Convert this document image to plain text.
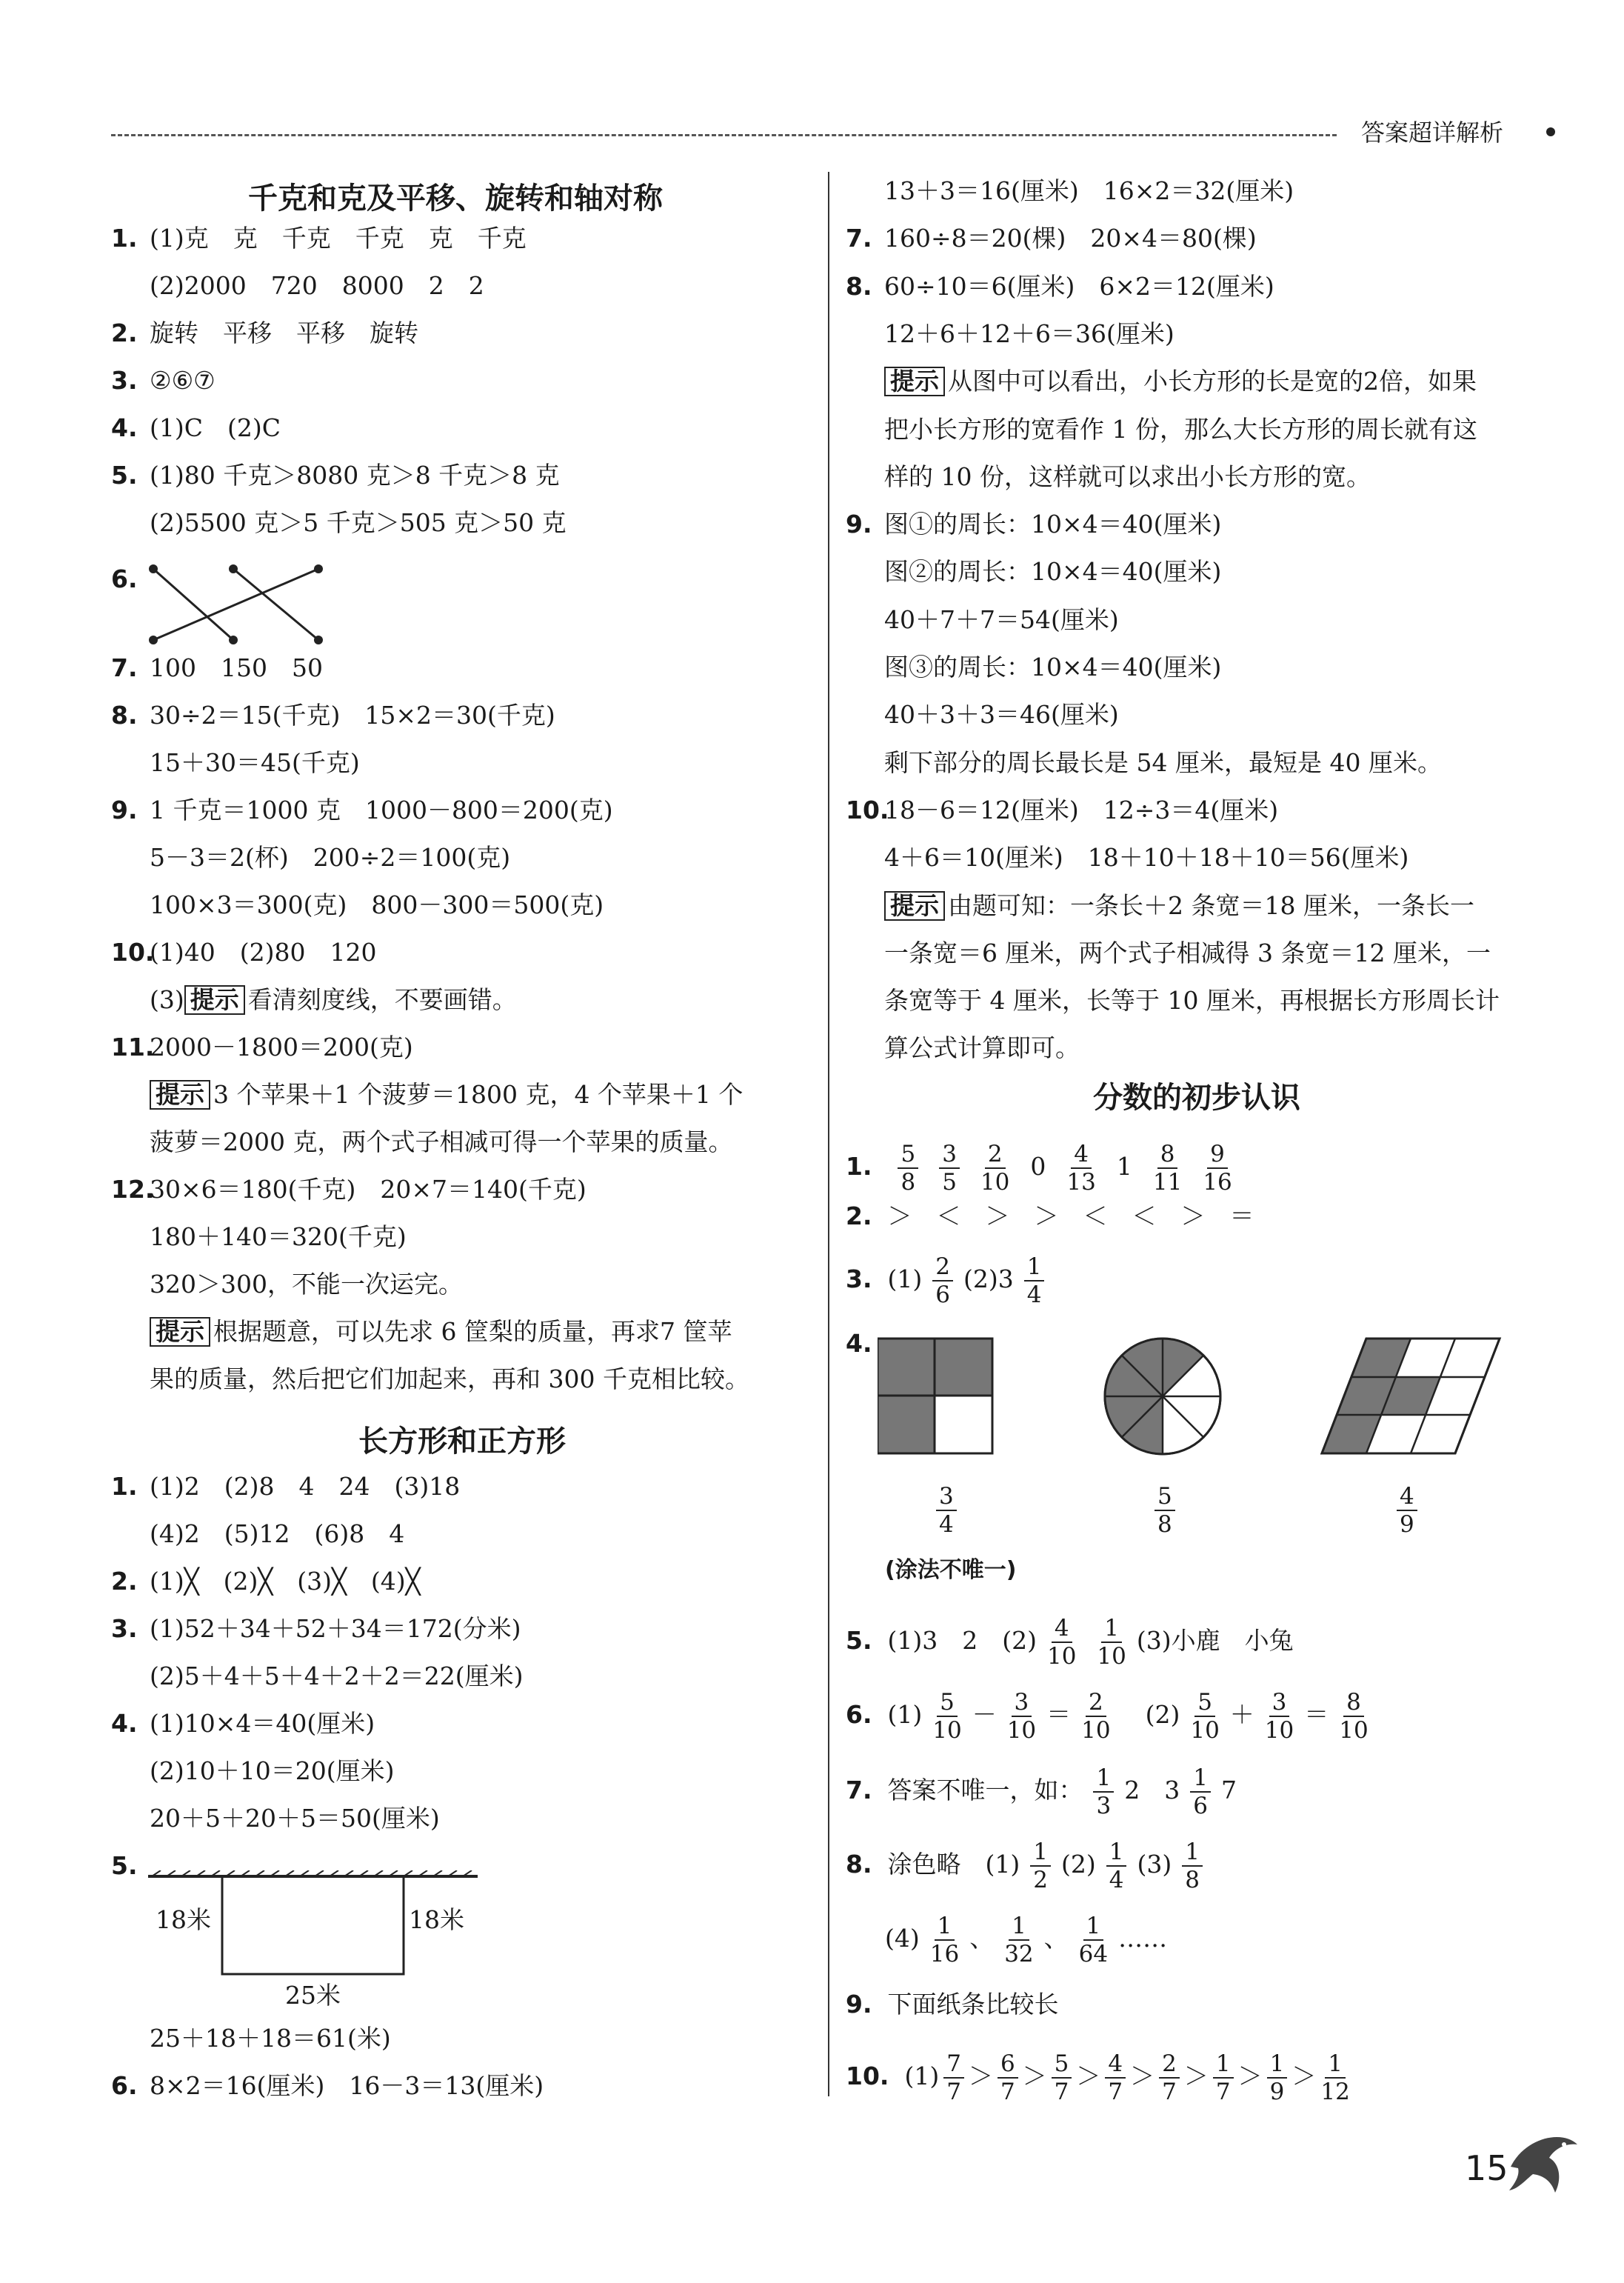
答案超详解析
千克和克及平移、旋转和轴对称
长方形和正方形
18米	18米
25米
分数的初步认识
1. $\frac{5}{8} \frac{3}{5} \frac{2}{10} 0 \frac{4}{13} 1 \frac{8}{11} \frac{9}{16}$
2. ＞　＜　＞　＞　＜　＜　＞　＝
3. $(1) \frac{2}{6} (2)3 \frac{1}{4}$
4.
$\frac{3}{4}$	$\frac{5}{8}$	$\frac{4}{9}$
(涂法不唯一)
5. (1)3　2　$(2) \frac{4}{10} \frac{1}{10} (3)$小鹿　小兔
6. $(1) \frac{5}{10} - \frac{3}{10} = \frac{2}{10}$ 　$(2) \frac{5}{10} + \frac{3}{10} = \frac{8}{10}$
7. 答案不唯一，如： $\frac{1}{3} 2$　$3 \frac{1}{6} 7$
8. 涂色略　$(1) \frac{1}{2} (2) \frac{1}{4} (3) \frac{1}{8}$
$(4) \frac{1}{16}$ 、 $\frac{1}{32}$ 、 $\frac{1}{64}$ ……
9. 下面纸条比较长
10. $(1) \frac{7}{7} > \frac{6}{7} > \frac{5}{7} > \frac{4}{7} > \frac{2}{7} > \frac{1}{7} > \frac{1}{9} > \frac{1}{12}$
15
1. (1)克　克　千克　千克　克　千克
(2)2000　720　8000　2　2
2. 旋转　平移　平移　旋转
3. ②⑥⑦
4. (1)C　(2)C
5. (1)80 千克＞8080 克＞8 千克＞8 克
(2)5500 克＞5 千克＞505 克＞50 克
6.
7. 100　150　50
8. 30÷2＝15(千克)　15×2＝30(千克)
15＋30＝45(千克)
9. 1 千克＝1000 克　1000－800＝200(克)
5－3＝2(杯)　200÷2＝100(克)
100×3＝300(克)　800－300＝500(克)
10.(1)40　(2)80　120
(3) 提示 看清刻度线，不要画错。
11.2000－1800＝200(克)
提示 3 个苹果＋1 个菠萝＝1800 克，4 个苹果＋1 个
菠萝＝2000 克，两个式子相减可得一个苹果的质量。
12.30×6＝180(千克)　20×7＝140(千克)
180＋140＝320(千克)
320＞300，不能一次运完。
提示 根据题意，可以先求 6 筐梨的质量，再求7 筐苹
果的质量，然后把它们加起来，再和 300 千克相比较。
1. (1)2　(2)8　4　24　(3)18
(4)2　(5)12　(6)8　4
2. (1)╳　(2)╳　(3)╳　(4)╳
3. (1)52＋34＋52＋34＝172(分米)
(2)5＋4＋5＋4＋2＋2＝22(厘米)
4. (1)10×4＝40(厘米)
(2)10＋10＝20(厘米)
20＋5＋20＋5＝50(厘米)
5.
25＋18＋18＝61(米)
6. 8×2＝16(厘米)　16－3＝13(厘米)
13＋3＝16(厘米)　16×2＝32(厘米)
7. 160÷8＝20(棵)　20×4＝80(棵)
8. 60÷10＝6(厘米)　6×2＝12(厘米)
12＋6＋12＋6＝36(厘米)
提示 从图中可以看出，小长方形的长是宽的2倍，如果
把小长方形的宽看作 1 份，那么大长方形的周长就有这
样的 10 份，这样就可以求出小长方形的宽。
9. 图①的周长：10×4＝40(厘米)
图②的周长：10×4＝40(厘米)
40＋7＋7＝54(厘米)
图③的周长：10×4＝40(厘米)
40＋3＋3＝46(厘米)
剩下部分的周长最长是 54 厘米，最短是 40 厘米。
10.18－6＝12(厘米)　12÷3＝4(厘米)
4＋6＝10(厘米)　18＋10＋18＋10＝56(厘米)
提示 由题可知：一条长＋2 条宽＝18 厘米，一条长一
一条宽＝6 厘米，两个式子相减得 3 条宽＝12 厘米，一
条宽等于 4 厘米，长等于 10 厘米，再根据长方形周长计
算公式计算即可。
